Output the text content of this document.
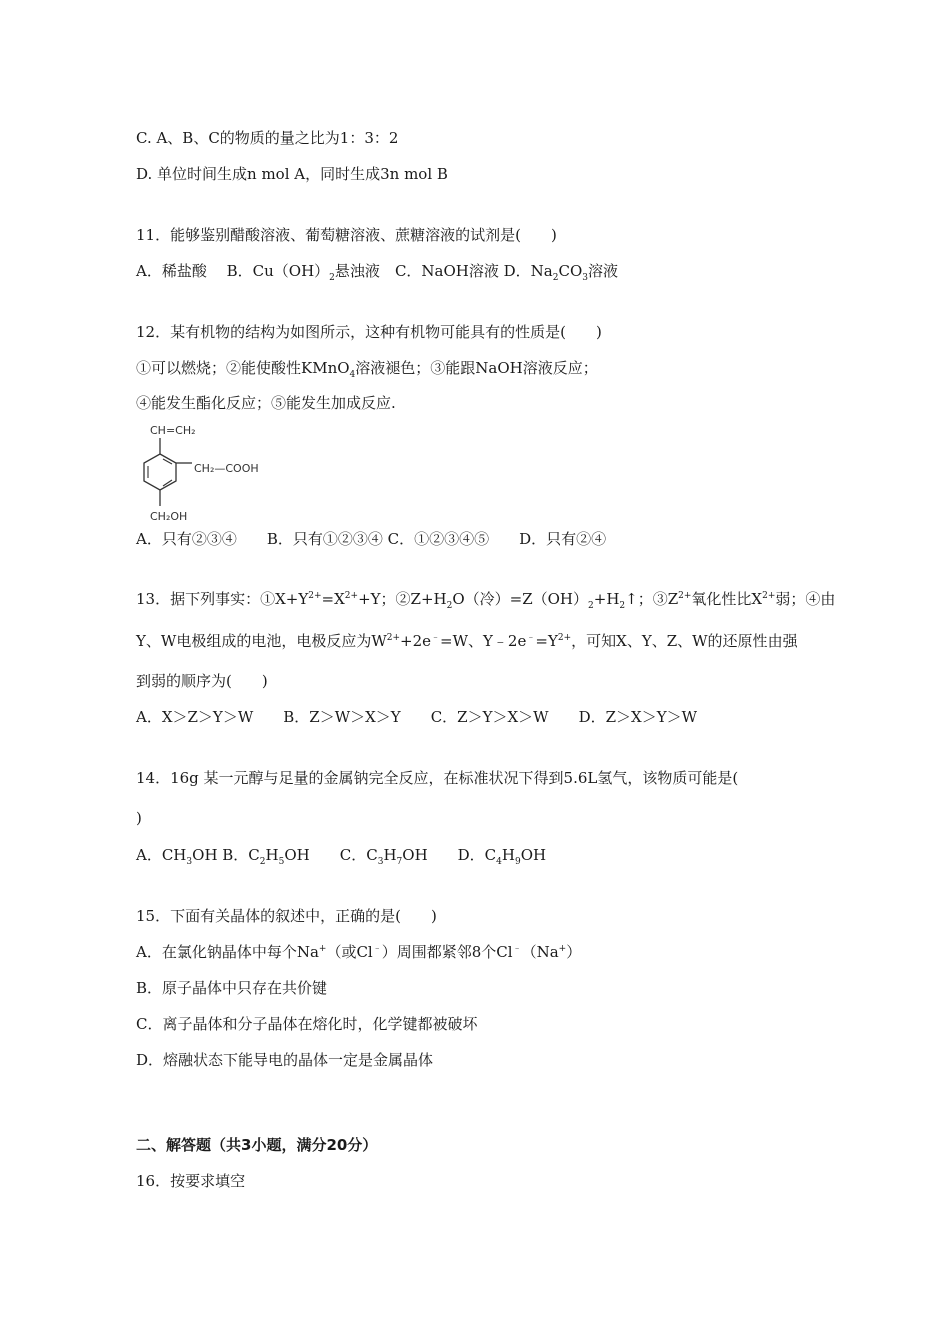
C. A、B、C的物质的量之比为1：3：2
D. 单位时间生成n mol A，同时生成3n mol B
11．能够鉴别醋酸溶液、葡萄糖溶液、蔗糖溶液的试剂是(　　)
A．稀盐酸　 B．$Cu(OH)_2$悬浊液　 C．NaOH溶液 D．$Na_2CO_3$溶液
12．某有机物的结构为如图所示，这种有机物可能具有的性质是(　　)
①可以燃烧；②能使酸性KMnO$_4$溶液褪色；③能跟NaOH溶液反应；
④能发生酯化反应；⑤能发生加成反应.
CH=CH₂
CH₂—COOH
CH₂OH
A．只有②③④　　B．只有①②③④ C．①②③④⑤　　D．只有②④
13．据下列事实：$①X+Y^{2+}=X^{2+}+Y$；$②Z+H_2O$（冷）$=Z(OH)_2+H_2↑$；$③Z^{2+}$氧化性比$X^{2+}$弱；④由
Y、W电极组成的电池，电极反应为$W^{2+}+2e^﹣=W$、$Y﹣2e^﹣=Y^{2+}$，可知X、Y、Z、W的还原性由强
到弱的顺序为(　　)
A．X＞Z＞Y＞W　　B．Z＞W＞X＞Y　　C．Z＞Y＞X＞W　　D．Z＞X＞Y＞W
14．16g 某一元醇与足量的金属钠完全反应，在标准状况下得到5.6L氢气，该物质可能是(
)
A．$CH_3OH$ B．$C_2H_5OH$　　C．$C_3H_7OH$　　D．$C_4H_9OH$
15．下面有关晶体的叙述中，正确的是(　　)
A．在氯化钠晶体中每个Na+（或Cl﹣）周围都紧邻8个Cl﹣（Na+）
B．原子晶体中只存在共价键
C．离子晶体和分子晶体在熔化时，化学键都被破坏
D．熔融状态下能导电的晶体一定是金属晶体
二、解答题（共3小题，满分20分）
16．按要求填空
